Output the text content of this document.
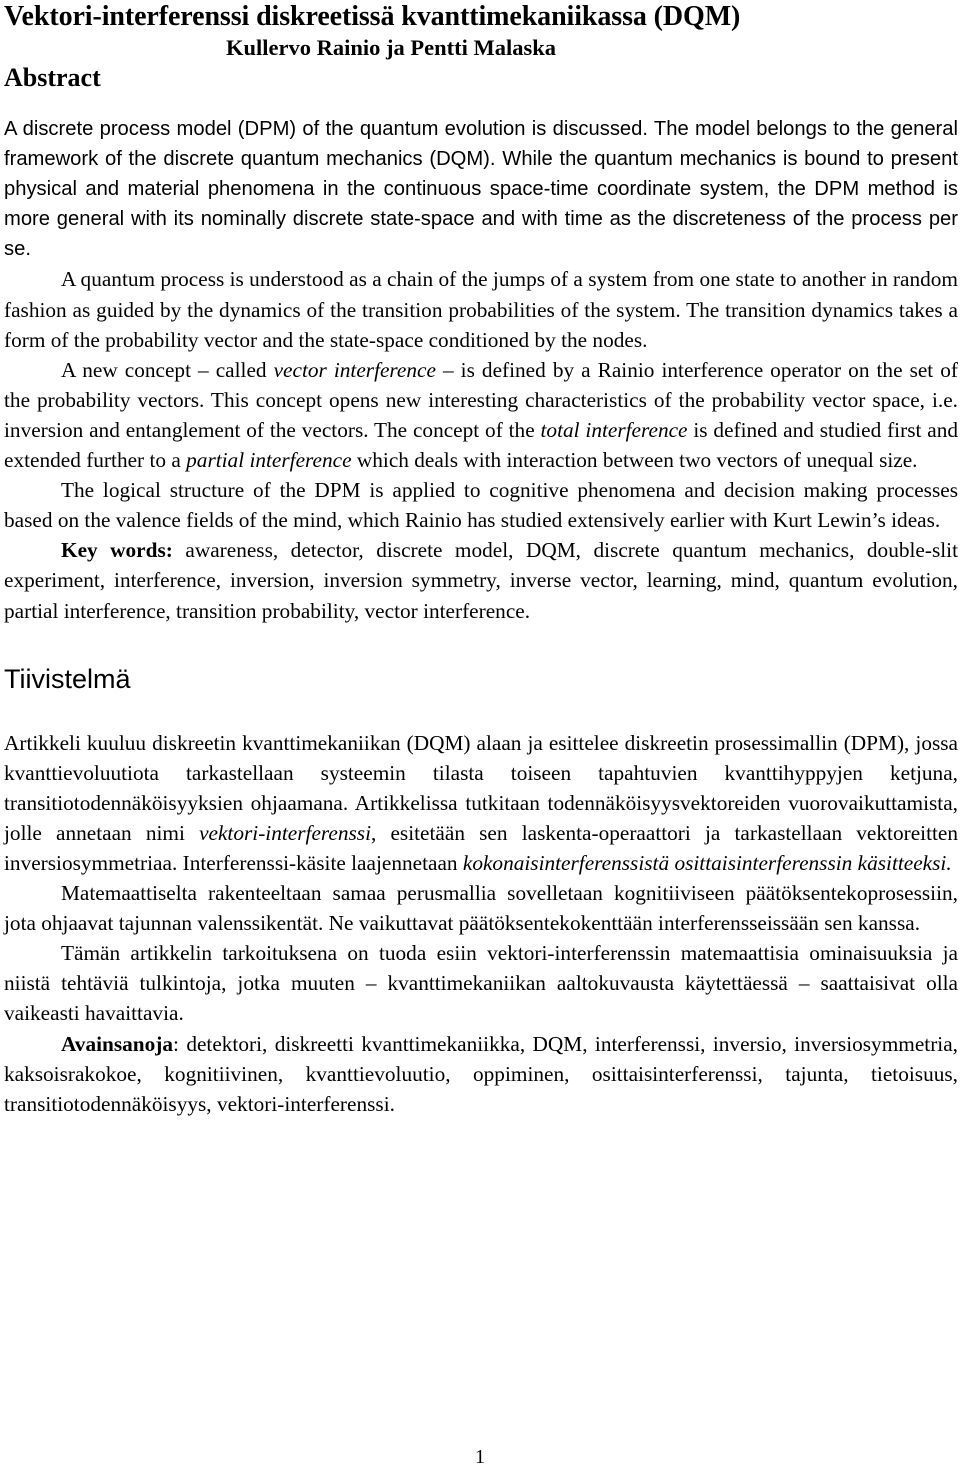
Vektori-interferenssi diskreetissä kvanttimekaniikassa (DQM)
Kullervo Rainio ja Pentti Malaska
Abstract

A discrete process model (DPM) of the quantum evolution is discussed. The model belongs to the general framework of the discrete quantum mechanics (DQM). While the quantum mechanics is bound to present physical and material phenomena in the continuous space-time coordinate system, the DPM method is more general with its nominally discrete state-space and with time as the discreteness of the process per se.

A quantum process is understood as a chain of the jumps of a system from one state to another in random fashion as guided by the dynamics of the transition probabilities of the system. The transition dynamics takes a form of the probability vector and the state-space conditioned by the nodes.

A new concept – called vector interference – is defined by a Rainio interference operator on the set of the probability vectors. This concept opens new interesting characteristics of the probability vector space, i.e. inversion and entanglement of the vectors. The concept of the total interference is defined and studied first and extended further to a partial interference which deals with interaction between two vectors of unequal size.

The logical structure of the DPM is applied to cognitive phenomena and decision making processes based on the valence fields of the mind, which Rainio has studied extensively earlier with Kurt Lewin’s ideas.

Key words: awareness, detector, discrete model, DQM, discrete quantum mechanics, double-slit experiment, interference, inversion, inversion symmetry, inverse vector, learning, mind, quantum evolution, partial interference, transition probability, vector interference.

Tiivistelmä

Artikkeli kuuluu diskreetin kvanttimekaniikan (DQM) alaan ja esittelee diskreetin prosessimallin (DPM), jossa kvanttievoluutiota tarkastellaan systeemin tilasta toiseen tapahtuvien kvanttihyppyjen ketjuna, transitiotodennäköisyyksien ohjaamana. Artikkelissa tutkitaan todennäköisyysvektoreiden vuorovaikuttamista, jolle annetaan nimi vektori-interferenssi, esitetään sen laskenta-operaattori ja tarkastellaan vektoreitten inversiosymmetriaa. Interferenssi-käsite laajennetaan kokonaisinterferenssistä osittaisinterferenssin käsitteeksi.

Matemaattiselta rakenteeltaan samaa perusmallia sovelletaan kognitiiviseen päätöksentekoprosessiin, jota ohjaavat tajunnan valenssikentät. Ne vaikuttavat päätöksentekokenttään interferensseissään sen kanssa.

Tämän artikkelin tarkoituksena on tuoda esiin vektori-interferenssin matemaattisia ominaisuuksia ja niistä tehtäviä tulkintoja, jotka muuten – kvanttimekaniikan aaltokuvausta käytettäessä – saattaisivat olla vaikeasti havaittavia.

Avainsanoja: detektori, diskreetti kvanttimekaniikka, DQM, interferenssi, inversio, inversiosymmetria, kaksoisrakokoe, kognitiivinen, kvanttievoluutio, oppiminen, osittaisinterferenssi, tajunta, tietoisuus, transitiotodennäköisyys, vektori-interferenssi.

1
